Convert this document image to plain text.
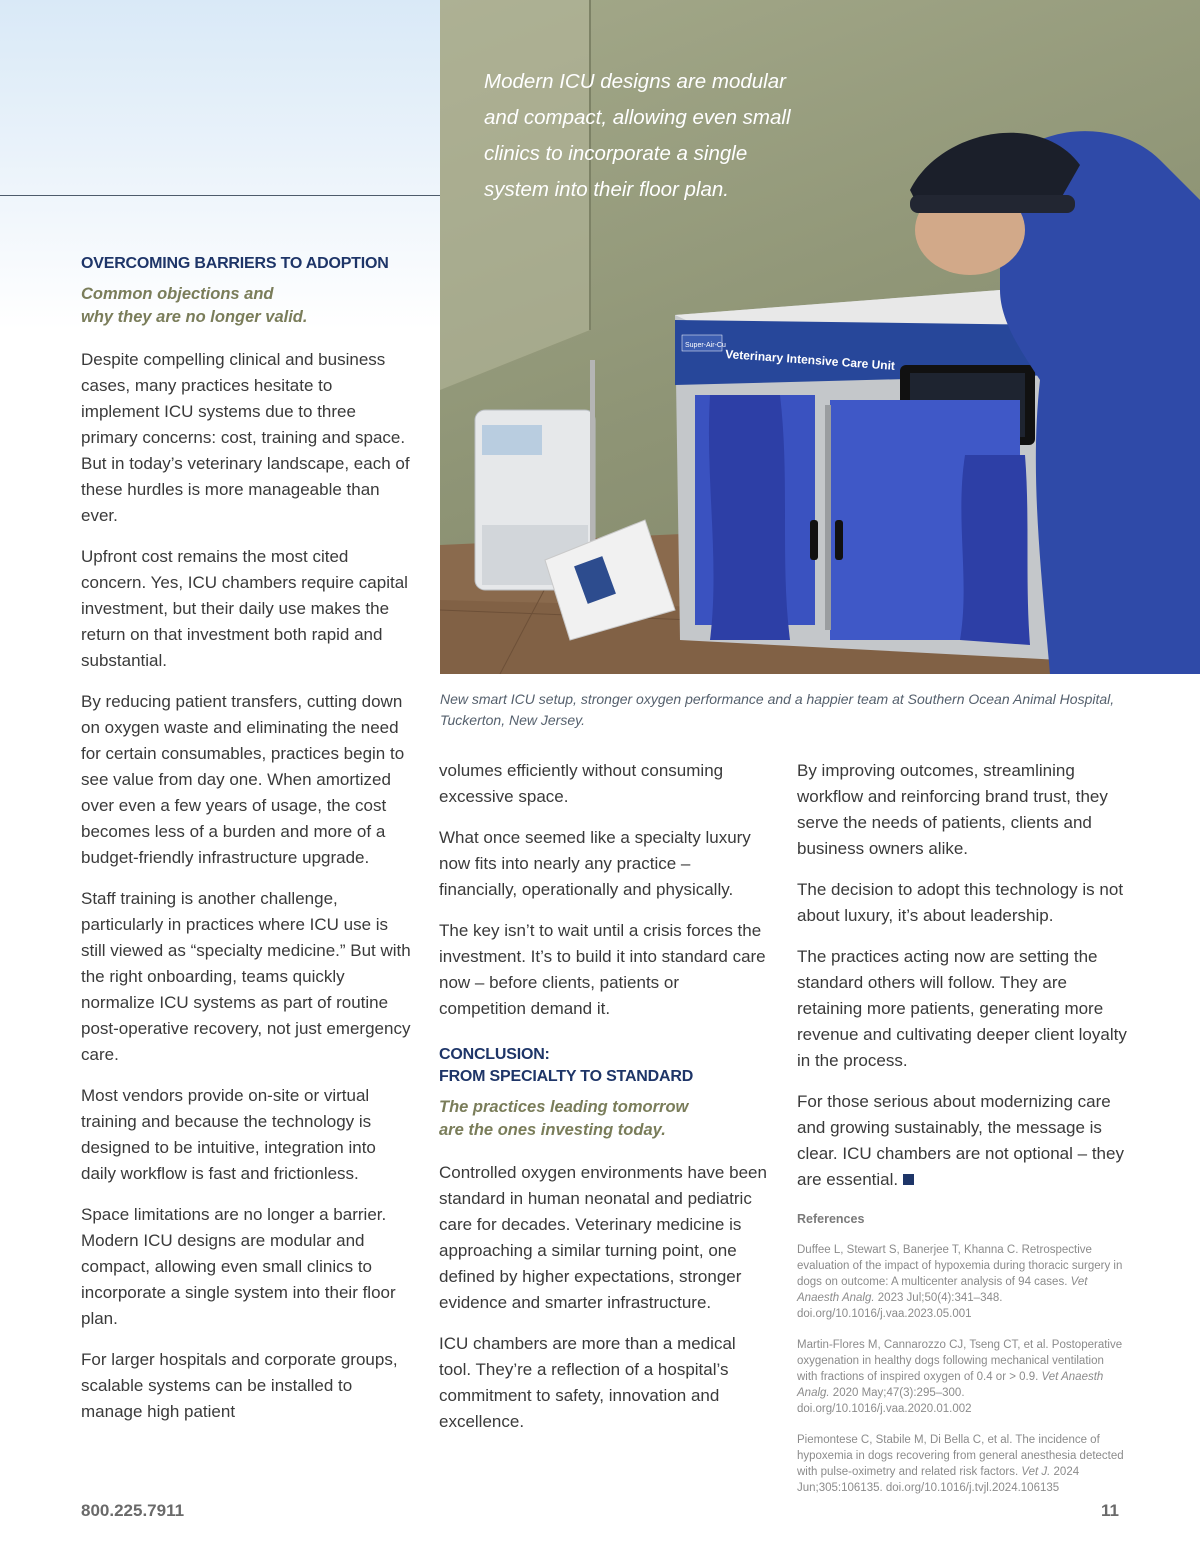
Veterinary Intensive Care Unit
Super-Air-Cu

Modern ICU designs are modular and compact, allowing even small clinics to incorporate a single system into their floor plan.

New smart ICU setup, stronger oxygen performance and a happier team at Southern Ocean Animal Hospital, Tuckerton, New Jersey.

OVERCOMING BARRIERS TO ADOPTION
Common objections and
why they are no longer valid.

Despite compelling clinical and business cases, many practices hesitate to implement ICU systems due to three primary concerns: cost, training and space. But in today’s veterinary landscape, each of these hurdles is more manageable than ever.

Upfront cost remains the most cited concern. Yes, ICU chambers require capital investment, but their daily use makes the return on that investment both rapid and substantial.

By reducing patient transfers, cutting down on oxygen waste and eliminating the need for certain consumables, practices begin to see value from day one. When amortized over even a few years of usage, the cost becomes less of a burden and more of a budget-friendly infrastructure upgrade.

Staff training is another challenge, particularly in practices where ICU use is still viewed as “specialty medicine.” But with the right onboarding, teams quickly normalize ICU systems as part of routine post-operative recovery, not just emergency care.

Most vendors provide on-site or virtual training and because the technology is designed to be intuitive, integration into daily workflow is fast and frictionless.

Space limitations are no longer a barrier. Modern ICU designs are modular and compact, allowing even small clinics to incorporate a single system into their floor plan.

For larger hospitals and corporate groups, scalable systems can be installed to manage high patient

volumes efficiently without consuming excessive space.

What once seemed like a specialty luxury now fits into nearly any practice – financially, operationally and physically.

The key isn’t to wait until a crisis forces the investment. It’s to build it into standard care now – before clients, patients or competition demand it.

CONCLUSION:
FROM SPECIALTY TO STANDARD
The practices leading tomorrow
are the ones investing today.

Controlled oxygen environments have been standard in human neonatal and pediatric care for decades. Veterinary medicine is approaching a similar turning point, one defined by higher expectations, stronger evidence and smarter infrastructure.

ICU chambers are more than a medical tool. They’re a reflection of a hospital’s commitment to safety, innovation and excellence.

By improving outcomes, streamlining workflow and reinforcing brand trust, they serve the needs of patients, clients and business owners alike.

The decision to adopt this technology is not about luxury, it’s about leadership.

The practices acting now are setting the standard others will follow. They are retaining more patients, generating more revenue and cultivating deeper client loyalty in the process.

For those serious about modernizing care and growing sustainably, the message is clear. ICU chambers are not optional – they are essential.

References

Duffee L, Stewart S, Banerjee T, Khanna C. Retrospective evaluation of the impact of hypoxemia during thoracic surgery in dogs on outcome: A multicenter analysis of 94 cases. Vet Anaesth Analg. 2023 Jul;50(4):341–348. doi.org/10.1016/j.vaa.2023.05.001

Martin-Flores M, Cannarozzo CJ, Tseng CT, et al. Postoperative oxygenation in healthy dogs following mechanical ventilation with fractions of inspired oxygen of 0.4 or > 0.9. Vet Anaesth Analg. 2020 May;47(3):295–300. doi.org/10.1016/j.vaa.2020.01.002

Piemontese C, Stabile M, Di Bella C, et al. The incidence of hypoxemia in dogs recovering from general anesthesia detected with pulse-oximetry and related risk factors. Vet J. 2024 Jun;305:106135. doi.org/10.1016/j.tvjl.2024.106135

800.225.7911	11
